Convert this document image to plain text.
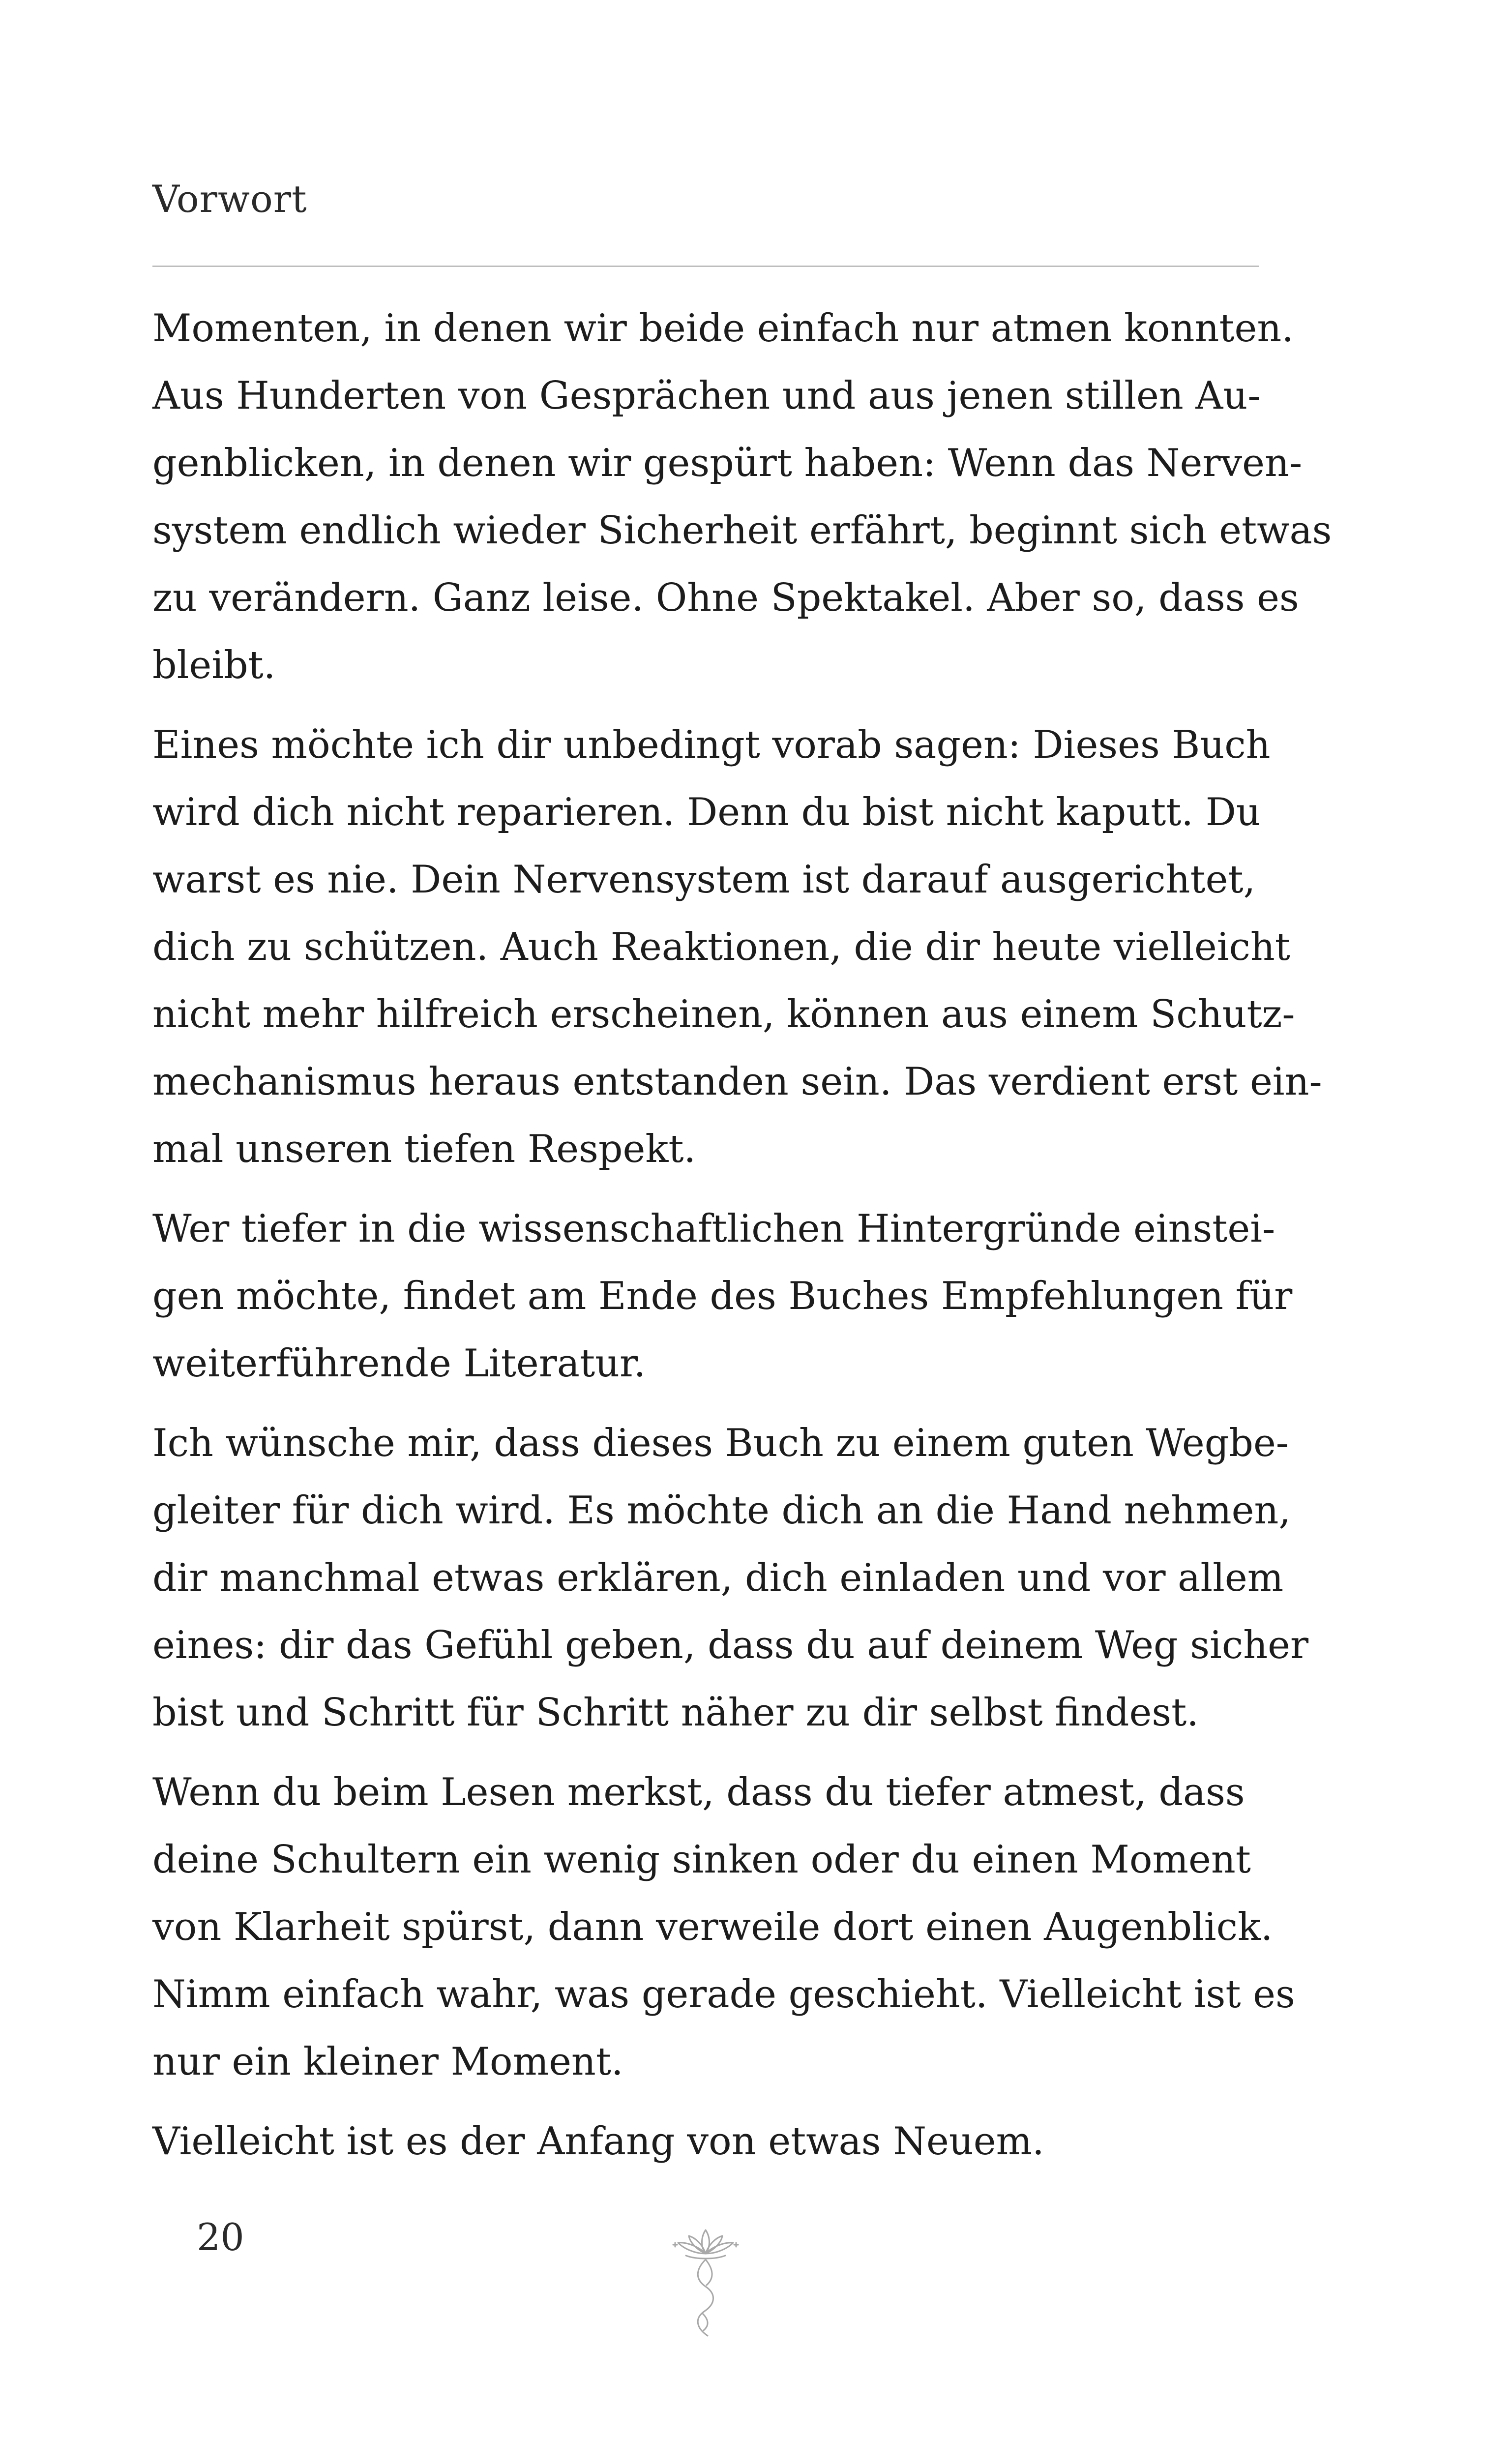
Vorwort
Momenten, in denen wir beide einfach nur atmen konnten.
Aus Hunderten von Gesprächen und aus jenen stillen Au-
genblicken, in denen wir gespürt haben: Wenn das Nerven-
system endlich wieder Sicherheit erfährt, beginnt sich etwas
zu verändern. Ganz leise. Ohne Spektakel. Aber so, dass es
bleibt.
Eines möchte ich dir unbedingt vorab sagen: Dieses Buch
wird dich nicht reparieren. Denn du bist nicht kaputt. Du
warst es nie. Dein Nervensystem ist darauf ausgerichtet,
dich zu schützen. Auch Reaktionen, die dir heute vielleicht
nicht mehr hilfreich erscheinen, können aus einem Schutz-
mechanismus heraus entstanden sein. Das verdient erst ein-
mal unseren tiefen Respekt.
Wer tiefer in die wissenschaftlichen Hintergründe einstei-
gen möchte, findet am Ende des Buches Empfehlungen für
weiterführende Literatur.
Ich wünsche mir, dass dieses Buch zu einem guten Wegbe-
gleiter für dich wird. Es möchte dich an die Hand nehmen,
dir manchmal etwas erklären, dich einladen und vor allem
eines: dir das Gefühl geben, dass du auf deinem Weg sicher
bist und Schritt für Schritt näher zu dir selbst findest.
Wenn du beim Lesen merkst, dass du tiefer atmest, dass
deine Schultern ein wenig sinken oder du einen Moment
von Klarheit spürst, dann verweile dort einen Augenblick.
Nimm einfach wahr, was gerade geschieht. Vielleicht ist es
nur ein kleiner Moment.
Vielleicht ist es der Anfang von etwas Neuem.
20
